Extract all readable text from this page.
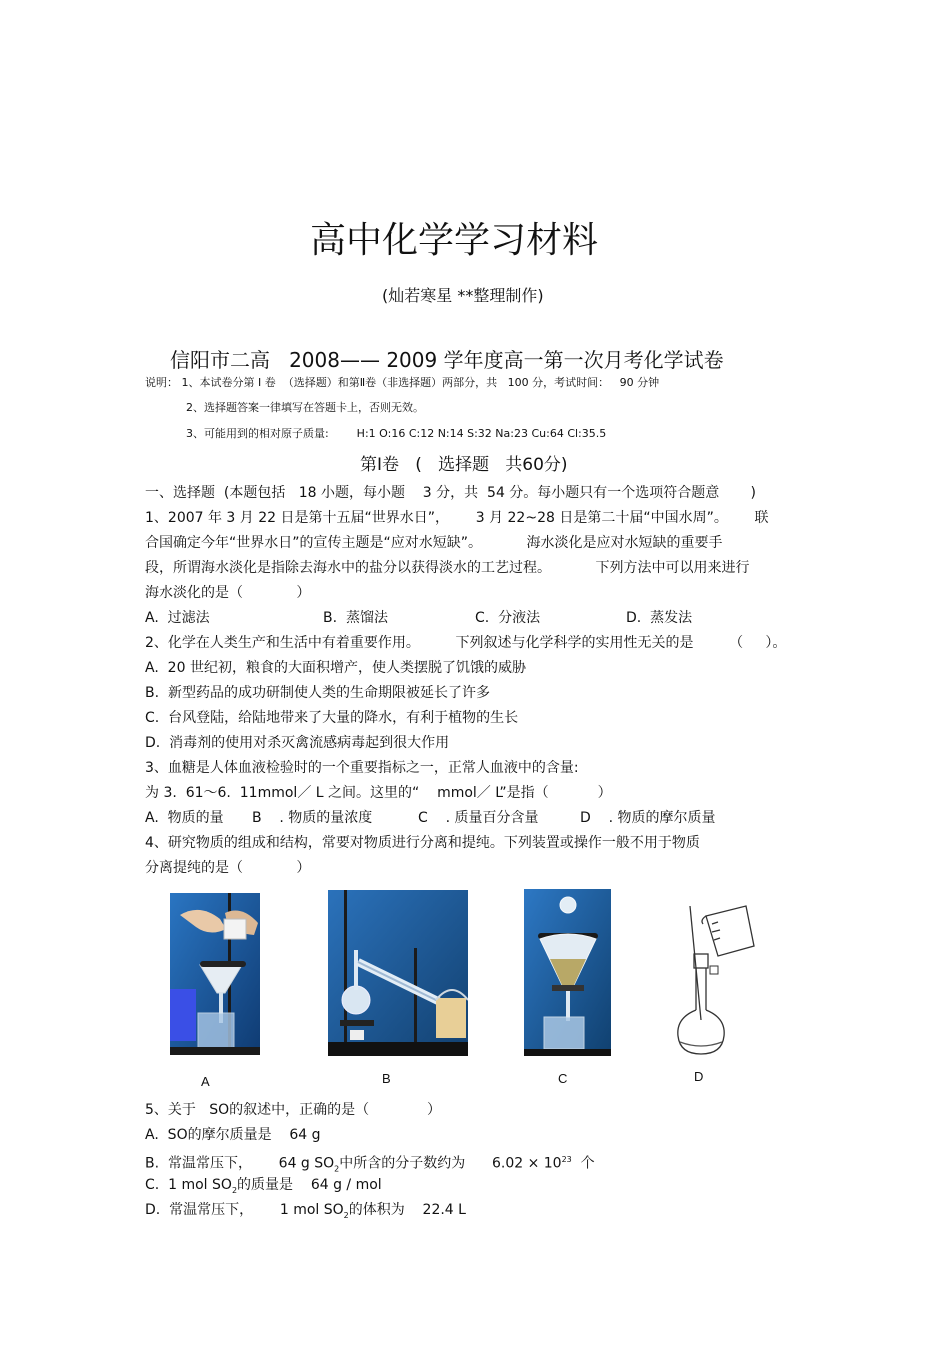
高中化学学习材料
(灿若寒星 **整理制作)
信阳市二高   2008—— 2009 学年度高一第一次月考化学试卷
说明： 1、本试卷分第 I 卷  （选择题）和第Ⅱ卷（非选择题）两部分，共   100 分，考试时间：   90 分钟
2、选择题答案一律填写在答题卡上，否则无效。
3、可能用到的相对原子质量:        H:1 O:16 C:12 N:14 S:32 Na:23 Cu:64 Cl:35.5
第Ⅰ卷   (   选择题   共60分)
一、选择题  (本题包括   18 小题，每小题    3 分，共  54 分。每小题只有一个选项符合题意       )
1、2007 年 3 月 22 日是第十五届“世界水日”，      3 月 22~28 日是第二十届“中国水周”。      联
合国确定今年“世界水日”的宣传主题是“应对水短缺”。          海水淡化是应对水短缺的重要手
段，所谓海水淡化是指除去海水中的盐分以获得淡水的工艺过程。          下列方法中可以用来进行
海水淡化的是（            ）
A.  过滤法	B.  蒸馏法	C.  分液法	D.  蒸发法
2、化学在人类生产和生活中有着重要作用。        下列叙述与化学科学的实用性无关的是        （     ）。
A.  20 世纪初，粮食的大面积增产，使人类摆脱了饥饿的威胁
B.  新型药品的成功研制使人类的生命期限被延长了许多
C.  台风登陆，给陆地带来了大量的降水，有利于植物的生长
D.  消毒剂的使用对杀灭禽流感病毒起到很大作用
3、血糖是人体血液检验时的一个重要指标之一，正常人血液中的含量:
为 3.  61～6.  11mmol／ L 之间。这里的“    mmol／ L”是指（           ）
A.  物质的量 B    . 物质的量浓度	C    . 质量百分含量	D    . 物质的摩尔质量
4、研究物质的组成和结构，常要对物质进行分离和提纯。下列装置或操作一般不用于物质
分离提纯的是（            ）
A	B	C	D
5、关于   SO的叙述中，正确的是（             ）
A.  SO的摩尔质量是    64 g
B.  常温常压下，      64 g $SO_2$中所含的分子数约为      $6.02 \times 10^{23}$  个
C.  1 mol $SO_2$的质量是    64 g / mol
D.  常温常压下，      1 mol $SO_2$的体积为    22.4 L
